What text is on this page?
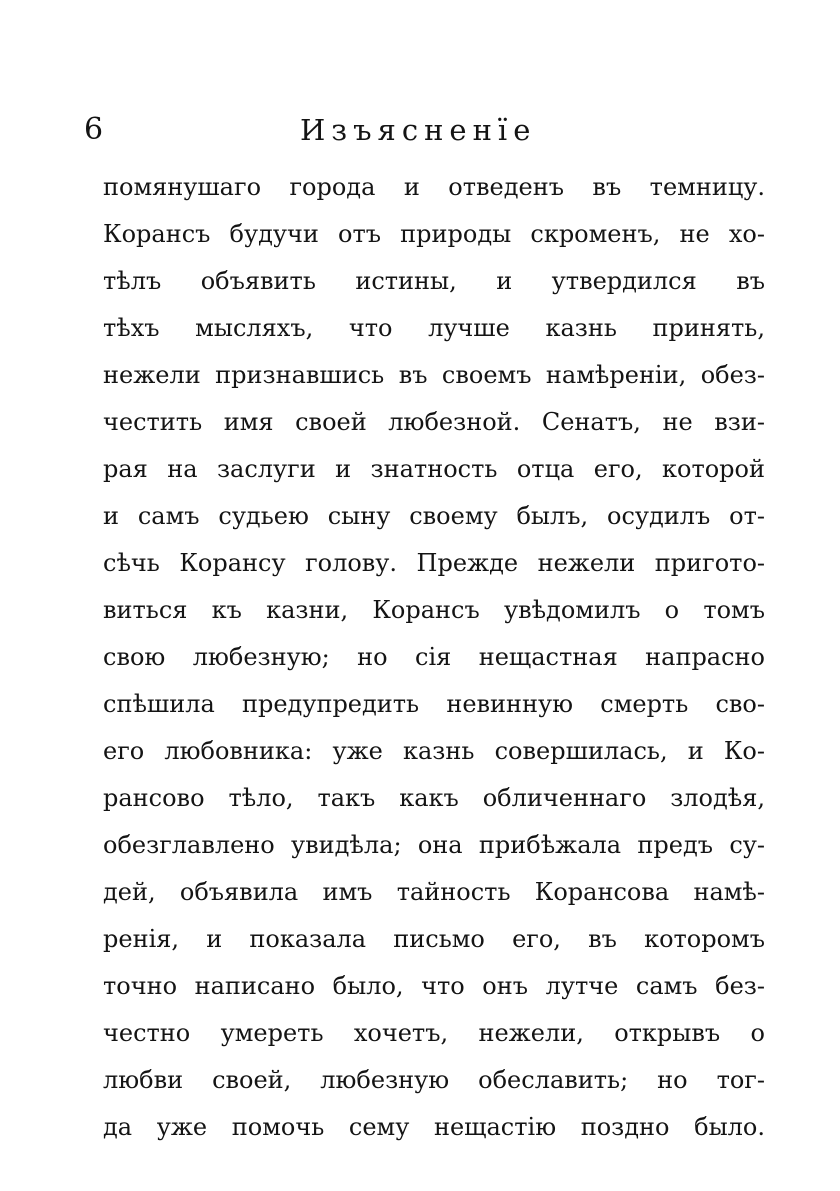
6	Изъясненїе
помянушаго города и отведенъ въ темницу.
Корансъ будучи отъ природы скроменъ, не хо-
тѣлъ объявить истины, и утвердился въ
тѣхъ мысляхъ, что лучше казнь принять,
нежели признавшись въ своемъ намѣреніи, обез-
честить имя своей любезной. Сенатъ, не взи-
рая на заслуги и знатность отца его, которой
и самъ судьею сыну своему былъ, осудилъ от-
сѣчь Корансу голову. Прежде нежели пригото-
виться къ казни, Корансъ увѣдомилъ о томъ
свою любезную; но сія нещастная напрасно
спѣшила предупредить невинную смерть сво-
его любовника: уже казнь совершилась, и Ко-
рансово тѣло, такъ какъ обличеннаго злодѣя,
обезглавлено увидѣла; она прибѣжала предъ су-
дей, объявила имъ тайность Корансова намѣ-
ренія, и показала письмо его, въ которомъ
точно написано было, что онъ лутче самъ без-
честно умереть хочетъ, нежели, открывъ о
любви своей, любезную обеславить; но тог-
да уже помочь сему нещастію поздно было.
